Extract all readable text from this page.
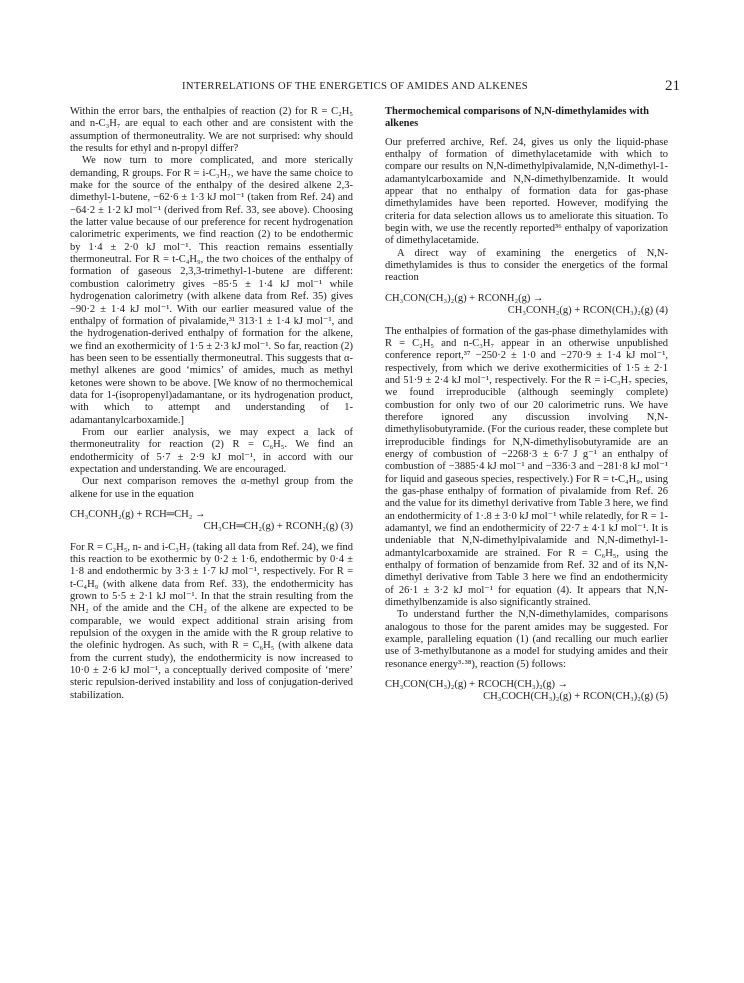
INTERRELATIONS OF THE ENERGETICS OF AMIDES AND ALKENES	21

Within the error bars, the enthalpies of reaction (2) for R = C₂H₅ and n-C₃H₇ are equal to each other and are consistent with the assumption of thermoneutrality. We are not surprised: why should the results for ethyl and n-propyl differ?

We now turn to more complicated, and more sterically demanding, R groups. For R = i-C₃H₇, we have the same choice to make for the source of the enthalpy of the desired alkene 2,3-dimethyl-1-butene, −62·6 ± 1·3 kJ mol⁻¹ (taken from Ref. 24) and −64·2 ± 1·2 kJ mol⁻¹ (derived from Ref. 33, see above). Choosing the latter value because of our preference for recent hydrogenation calorimetric experiments, we find reaction (2) to be endothermic by 1·4 ± 2·0 kJ mol⁻¹. This reaction remains essentially thermoneutral. For R = t-C₄H₉, the two choices of the enthalpy of formation of gaseous 2,3,3-trimethyl-1-butene are different: combustion calorimetry gives −85·5 ± 1·4 kJ mol⁻¹ while hydrogenation calorimetry (with alkene data from Ref. 35) gives −90·2 ± 1·4 kJ mol⁻¹. With our earlier measured value of the enthalpy of formation of pivalamide,³¹ 313·1 ± 1·4 kJ mol⁻¹, and the hydrogenation-derived enthalpy of formation for the alkene, we find an exothermicity of 1·5 ± 2·3 kJ mol⁻¹. So far, reaction (2) has been seen to be essentially thermoneutral. This suggests that α-methyl alkenes are good ‘mimics’ of amides, much as methyl ketones were shown to be above. [We know of no thermochemical data for 1-(isopropenyl)adamantane, or its hydrogenation product, with which to attempt and understanding of 1-adamantanylcarboxamide.]

From our earlier analysis, we may expect a lack of thermoneutrality for reaction (2) R = C₆H₅. We find an endothermicity of 5·7 ± 2·9 kJ mol⁻¹, in accord with our expectation and understanding. We are encouraged.

Our next comparison removes the α-methyl group from the alkene for use in the equation

CH₃CONH₂(g) + RCH═CH₂ →
CH₃CH═CH₂(g) + RCONH₂(g) (3)

For R = C₂H₅, n- and i-C₃H₇ (taking all data from Ref. 24), we find this reaction to be exothermic by 0·2 ± 1·6, endothermic by 0·4 ± 1·8 and endothermic by 3·3 ± 1·7 kJ mol⁻¹, respectively. For R = t-C₄H₉ (with alkene data from Ref. 33), the endothermicity has grown to 5·5 ± 2·1 kJ mol⁻¹. In that the strain resulting from the NH₂ of the amide and the CH₂ of the alkene are expected to be comparable, we would expect additional strain arising from repulsion of the oxygen in the amide with the R group relative to the olefinic hydrogen. As such, with R = C₆H₅ (with alkene data from the current study), the endothermicity is now increased to 10·0 ± 2·6 kJ mol⁻¹, a conceptually derived composite of ‘mere’ steric repulsion-derived instability and loss of conjugation-derived stabilization.

Thermochemical comparisons of N,N-dimethylamides with alkenes

Our preferred archive, Ref. 24, gives us only the liquid-phase enthalpy of formation of dimethylacetamide with which to compare our results on N,N-dimethylpivalamide, N,N-dimethyl-1-adamantylcarboxamide and N,N-dimethylbenzamide. It would appear that no enthalpy of formation data for gas-phase dimethylamides have been reported. However, modifying the criteria for data selection allows us to ameliorate this situation. To begin with, we use the recently reported³⁶ enthalpy of vaporization of dimethylacetamide.

A direct way of examining the energetics of N,N-dimethylamides is thus to consider the energetics of the formal reaction

CH₃CON(CH₃)₂(g) + RCONH₂(g) →
CH₃CONH₂(g) + RCON(CH₃)₂(g) (4)

The enthalpies of formation of the gas-phase dimethylamides with R = C₂H₅ and n-C₃H₇ appear in an otherwise unpublished conference report,³⁷ −250·2 ± 1·0 and −270·9 ± 1·4 kJ mol⁻¹, respectively, from which we derive exothermicities of 1·5 ± 2·1 and 51·9 ± 2·4 kJ mol⁻¹, respectively. For the R = i-C₃H₇ species, we found irreproducible (although seemingly complete) combustion for only two of our 20 calorimetric runs. We have therefore ignored any discussion involving N,N-dimethylisobutyramide. (For the curious reader, these complete but irreproducible findings for N,N-dimethylisobutyramide are an energy of combustion of −2268·3 ± 6·7 J g⁻¹ an enthalpy of combustion of −3885·4 kJ mol⁻¹ and −336·3 and −281·8 kJ mol⁻¹ for liquid and gaseous species, respectively.) For R = t-C₄H₉, using the gas-phase enthalpy of formation of pivalamide from Ref. 26 and the value for its dimethyl derivative from Table 3 here, we find an endothermicity of 1·.8 ± 3·0 kJ mol⁻¹ while relatedly, for R = 1-adamantyl, we find an endothermicity of 22·7 ± 4·1 kJ mol⁻¹. It is undeniable that N,N-dimethylpivalamide and N,N-dimethyl-1-admantylcarboxamide are strained. For R = C₆H₅, using the enthalpy of formation of benzamide from Ref. 32 and of its N,N-dimethyl derivative from Table 3 here we find an endothermicity of 26·1 ± 3·2 kJ mol⁻¹ for equation (4). It appears that N,N-dimethylbenzamide is also significantly strained.

To understand further the N,N-dimethylamides, comparisons analogous to those for the parent amides may be suggested. For example, paralleling equation (1) (and recalling our much earlier use of 3-methylbutanone as a model for studying amides and their resonance energy³·³⁸), reaction (5) follows:

CH₃CON(CH₃)₂(g) + RCOCH(CH₃)₂(g) →
CH₃COCH(CH₃)₂(g) + RCON(CH₃)₂(g) (5)
